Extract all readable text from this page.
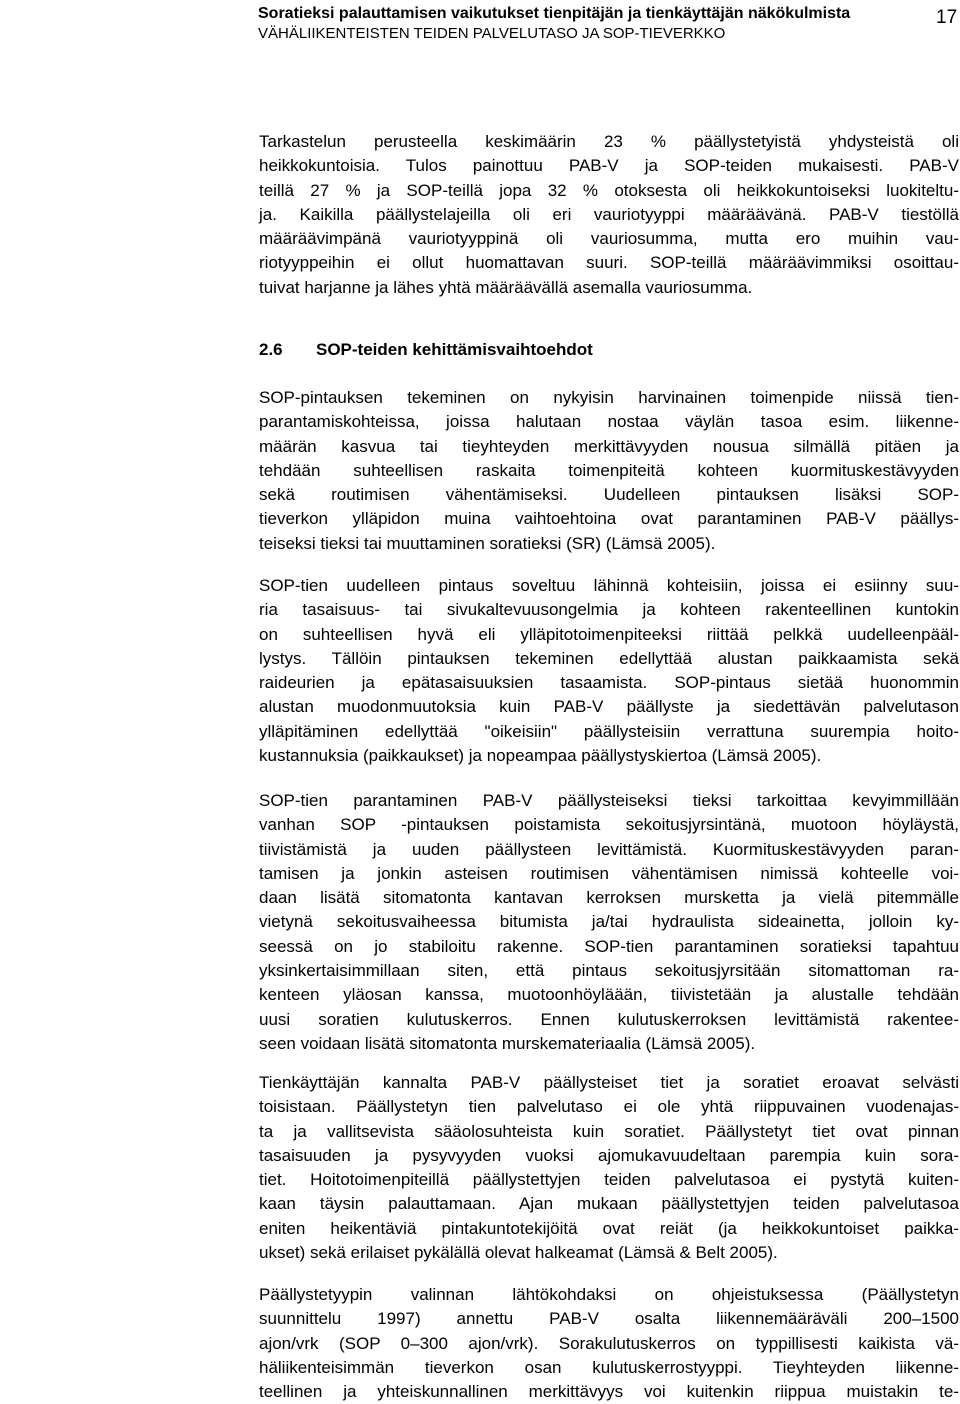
Soratieksi palauttamisen vaikutukset tienpitäjän ja tienkäyttäjän näkökulmista
VÄHÄLIIKENTEISTEN TEIDEN PALVELUTASO JA SOP-TIEVERKKO
17
Tarkastelun perusteella keskimäärin 23 % päällystetyistä yhdysteistä oli
heikkokuntoisia. Tulos painottuu PAB-V ja SOP-teiden mukaisesti. PAB-V
teillä 27 % ja SOP-teillä jopa 32 % otoksesta oli heikkokuntoiseksi luokiteltu-
ja. Kaikilla päällystelajeilla oli eri vauriotyyppi määräävänä. PAB-V tiestöllä
määräävimpänä vauriotyyppinä oli vauriosumma, mutta ero muihin vau-
riotyyppeihin ei ollut huomattavan suuri. SOP-teillä määräävimmiksi osoittau-
tuivat harjanne ja lähes yhtä määräävällä asemalla vauriosumma.
2.6 SOP-teiden kehittämisvaihtoehdot
SOP-pintauksen tekeminen on nykyisin harvinainen toimenpide niissä tien-
parantamiskohteissa, joissa halutaan nostaa väylän tasoa esim. liikenne-
määrän kasvua tai tieyhteyden merkittävyyden nousua silmällä pitäen ja
tehdään suhteellisen raskaita toimenpiteitä kohteen kuormituskestävyyden
sekä routimisen vähentämiseksi. Uudelleen pintauksen lisäksi SOP-
tieverkon ylläpidon muina vaihtoehtoina ovat parantaminen PAB-V päällys-
teiseksi tieksi tai muuttaminen soratieksi (SR) (Lämsä 2005).
SOP-tien uudelleen pintaus soveltuu lähinnä kohteisiin, joissa ei esiinny suu-
ria tasaisuus- tai sivukaltevuusongelmia ja kohteen rakenteellinen kuntokin
on suhteellisen hyvä eli ylläpitotoimenpiteeksi riittää pelkkä uudelleenpääl-
lystys. Tällöin pintauksen tekeminen edellyttää alustan paikkaamista sekä
raideurien ja epätasaisuuksien tasaamista. SOP-pintaus sietää huonommin
alustan muodonmuutoksia kuin PAB-V päällyste ja siedettävän palvelutason
ylläpitäminen edellyttää "oikeisiin" päällysteisiin verrattuna suurempia hoito-
kustannuksia (paikkaukset) ja nopeampaa päällystyskiertoa (Lämsä 2005).
SOP-tien parantaminen PAB-V päällysteiseksi tieksi tarkoittaa kevyimmillään
vanhan SOP -pintauksen poistamista sekoitusjyrsintänä, muotoon höyläystä,
tiivistämistä ja uuden päällysteen levittämistä. Kuormituskestävyyden paran-
tamisen ja jonkin asteisen routimisen vähentämisen nimissä kohteelle voi-
daan lisätä sitomatonta kantavan kerroksen mursketta ja vielä pitemmälle
vietynä sekoitusvaiheessa bitumista ja/tai hydraulista sideainetta, jolloin ky-
seessä on jo stabiloitu rakenne. SOP-tien parantaminen soratieksi tapahtuu
yksinkertaisimmillaan siten, että pintaus sekoitusjyrsitään sitomattoman ra-
kenteen yläosan kanssa, muotoonhöyläään, tiivistetään ja alustalle tehdään
uusi soratien kulutuskerros. Ennen kulutuskerroksen levittämistä rakentee-
seen voidaan lisätä sitomatonta murskemateriaalia (Lämsä 2005).
Tienkäyttäjän kannalta PAB-V päällysteiset tiet ja soratiet eroavat selvästi
toisistaan. Päällystetyn tien palvelutaso ei ole yhtä riippuvainen vuodenajas-
ta ja vallitsevista sääolosuhteista kuin soratiet. Päällystetyt tiet ovat pinnan
tasaisuuden ja pysyvyyden vuoksi ajomukavuudeltaan parempia kuin sora-
tiet. Hoitotoimenpiteillä päällystettyjen teiden palvelutasoa ei pystytä kuiten-
kaan täysin palauttamaan. Ajan mukaan päällystettyjen teiden palvelutasoa
eniten heikentäviä pintakuntotekijöitä ovat reiät (ja heikkokuntoiset paikka-
ukset) sekä erilaiset pykälällä olevat halkeamat (Lämsä & Belt 2005).
Päällystetyypin valinnan lähtökohdaksi on ohjeistuksessa (Päällystetyn
suunnittelu 1997) annettu PAB-V osalta liikennemääräväli 200–1500
ajon/vrk (SOP 0–300 ajon/vrk). Sorakulutuskerros on typpillisesti kaikista vä-
häliikenteisimmän tieverkon osan kulutuskerrostyyppi. Tieyhteyden liikenne-
teellinen ja yhteiskunnallinen merkittävyys voi kuitenkin riippua muistakin te-
